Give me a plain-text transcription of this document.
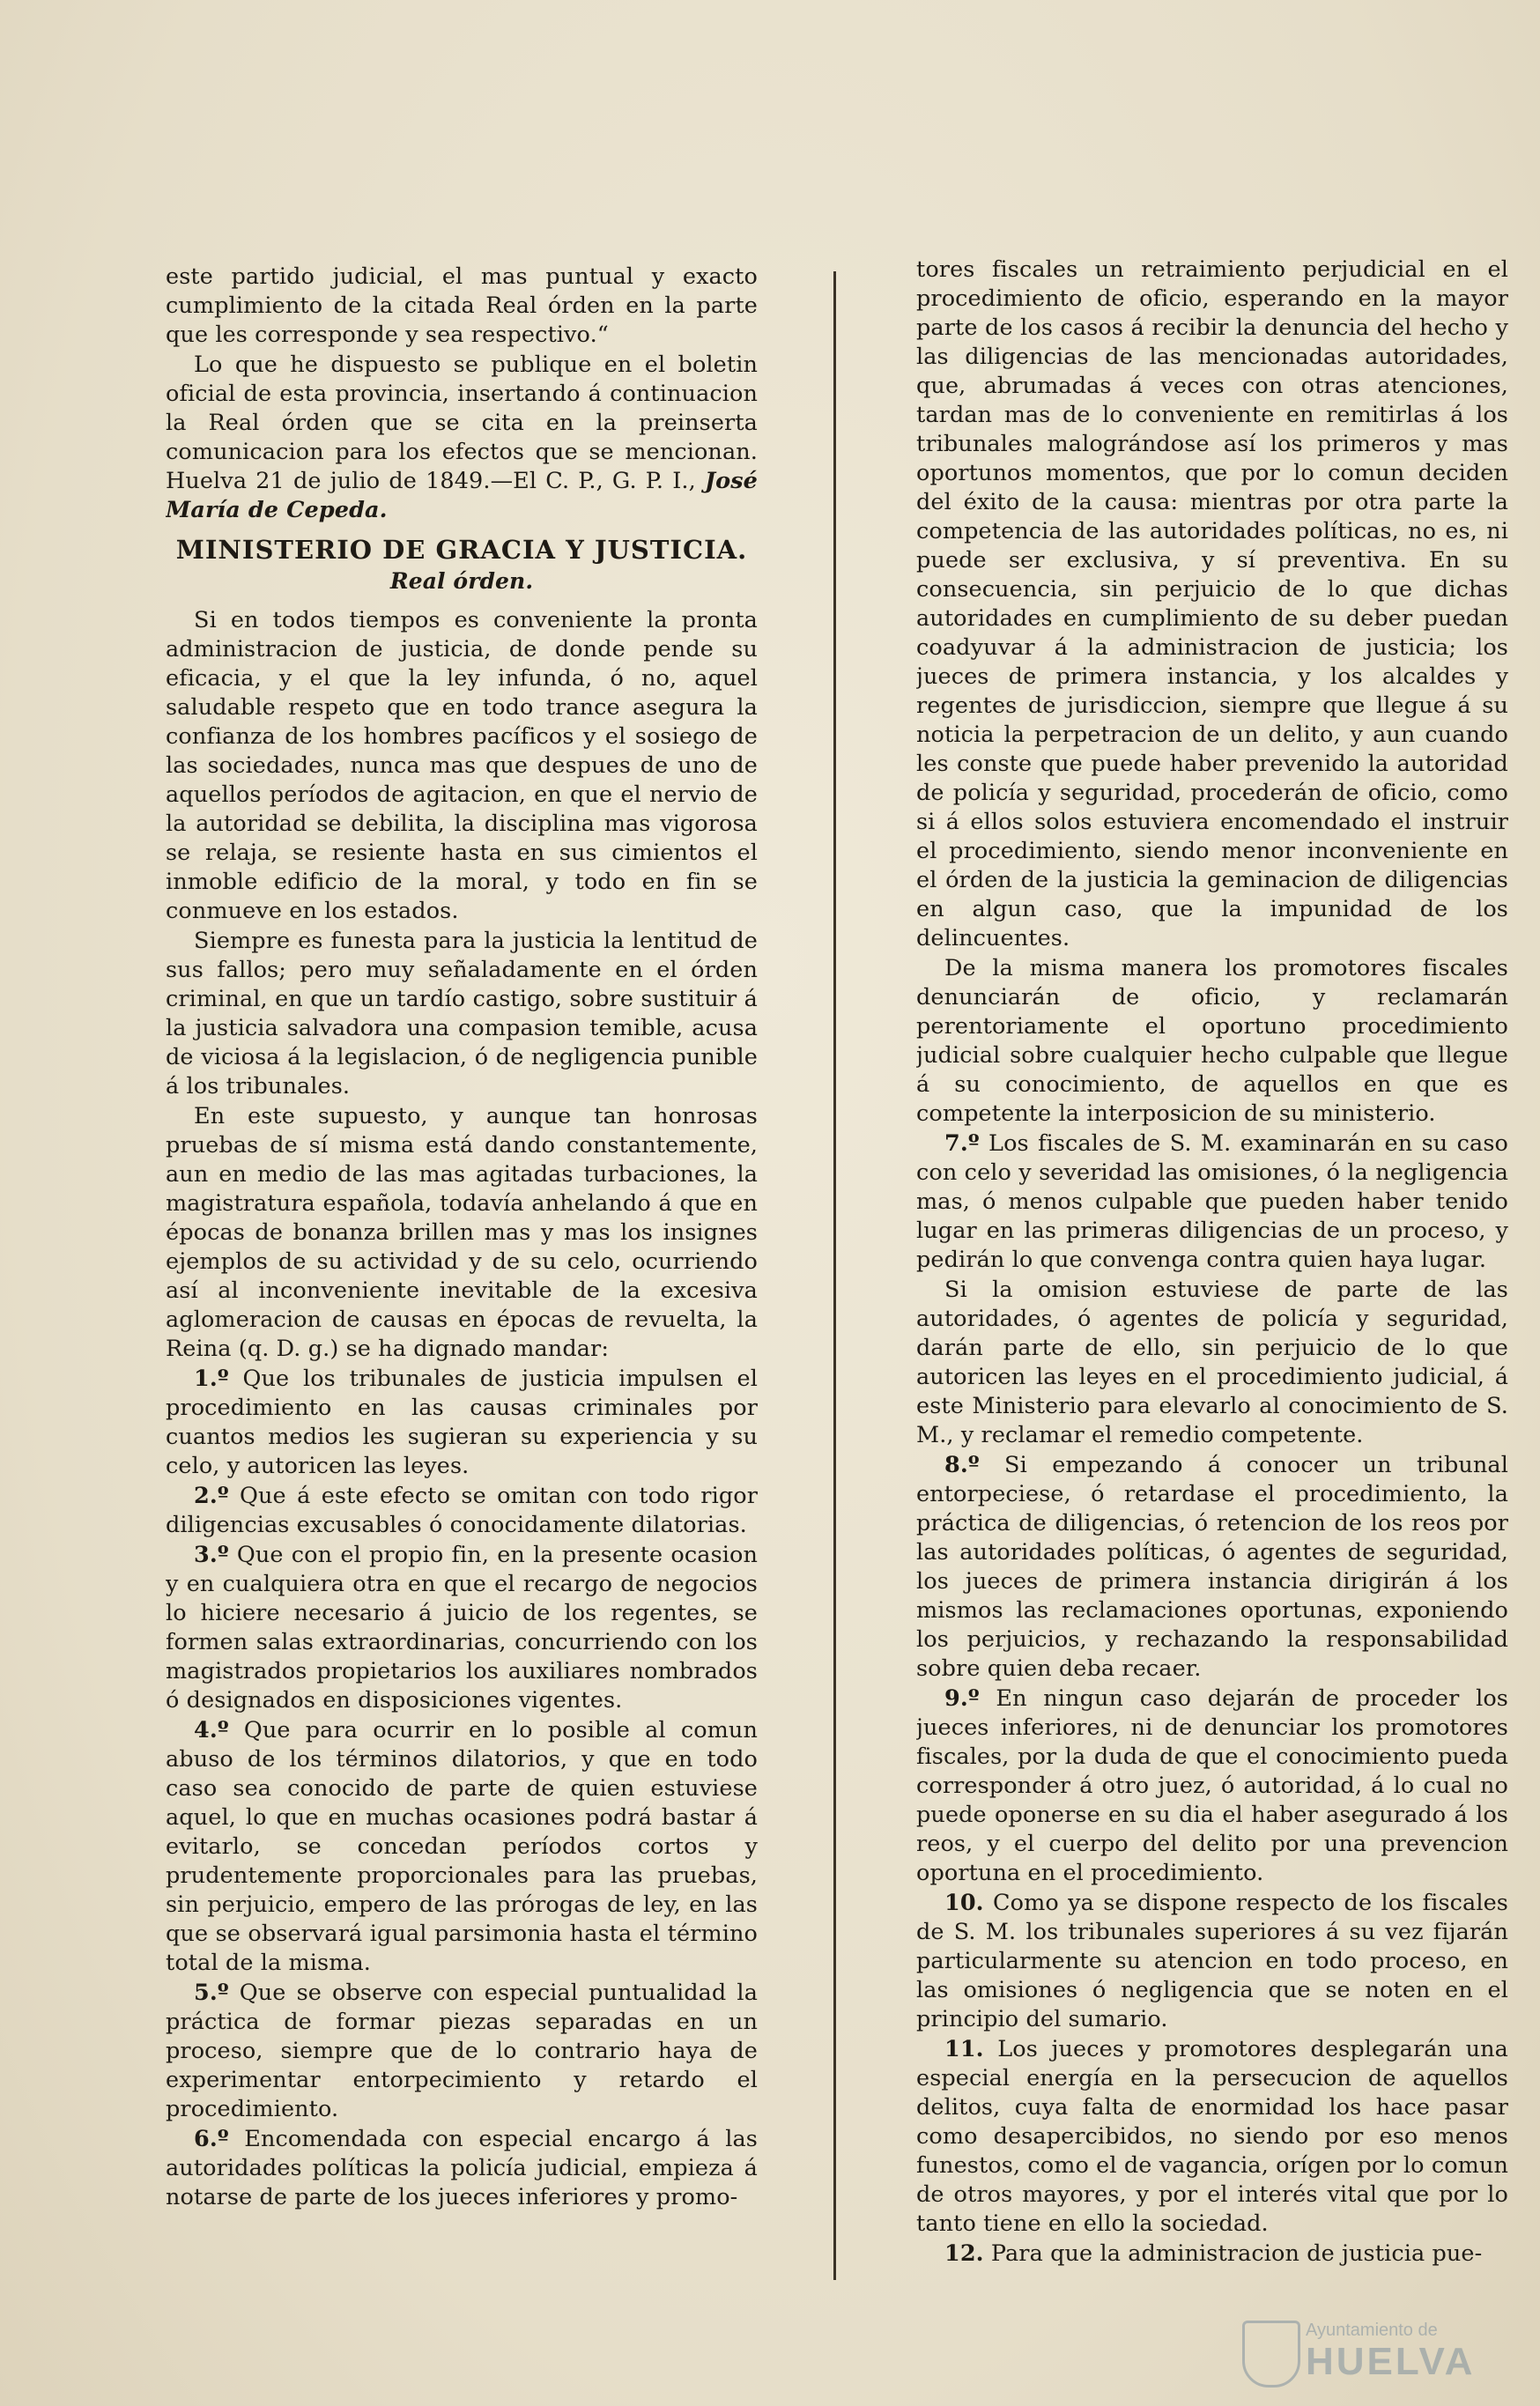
este partido judicial, el mas puntual y exacto cumplimiento de la citada Real órden en la parte que les corresponde y sea respectivo.“

Lo que he dispuesto se publique en el boletin oficial de esta provincia, insertando á continuacion la Real órden que se cita en la preinserta comunicacion para los efectos que se mencionan. Huelva 21 de julio de 1849.—El C. P., G. P. I., José María de Cepeda.

MINISTERIO DE GRACIA Y JUSTICIA.
Real órden.

Si en todos tiempos es conveniente la pronta administracion de justicia, de donde pende su eficacia, y el que la ley infunda, ó no, aquel saludable respeto que en todo trance asegura la confianza de los hombres pacíficos y el sosiego de las sociedades, nunca mas que despues de uno de aquellos períodos de agitacion, en que el nervio de la autoridad se debilita, la disciplina mas vigorosa se relaja, se resiente hasta en sus cimientos el inmoble edificio de la moral, y todo en fin se conmueve en los estados.

Siempre es funesta para la justicia la lentitud de sus fallos; pero muy señaladamente en el órden criminal, en que un tardío castigo, sobre sustituir á la justicia salvadora una compasion temible, acusa de viciosa á la legislacion, ó de negligencia punible á los tribunales.

En este supuesto, y aunque tan honrosas pruebas de sí misma está dando constantemente, aun en medio de las mas agitadas turbaciones, la magistratura española, todavía anhelando á que en épocas de bonanza brillen mas y mas los insignes ejemplos de su actividad y de su celo, ocurriendo así al inconveniente inevitable de la excesiva aglomeracion de causas en épocas de revuelta, la Reina (q. D. g.) se ha dignado mandar:

1.º Que los tribunales de justicia impulsen el procedimiento en las causas criminales por cuantos medios les sugieran su experiencia y su celo, y autoricen las leyes.

2.º Que á este efecto se omitan con todo rigor diligencias excusables ó conocidamente dilatorias.

3.º Que con el propio fin, en la presente ocasion y en cualquiera otra en que el recargo de negocios lo hiciere necesario á juicio de los regentes, se formen salas extraordinarias, concurriendo con los magistrados propietarios los auxiliares nombrados ó designados en disposiciones vigentes.

4.º Que para ocurrir en lo posible al comun abuso de los términos dilatorios, y que en todo caso sea conocido de parte de quien estuviese aquel, lo que en muchas ocasiones podrá bastar á evitarlo, se concedan períodos cortos y prudentemente proporcionales para las pruebas, sin perjuicio, empero de las prórogas de ley, en las que se observará igual parsimonia hasta el término total de la misma.

5.º Que se observe con especial puntualidad la práctica de formar piezas separadas en un proceso, siempre que de lo contrario haya de experimentar entorpecimiento y retardo el procedimiento.

6.º Encomendada con especial encargo á las autoridades políticas la policía judicial, empieza á notarse de parte de los jueces inferiores y promo-

tores fiscales un retraimiento perjudicial en el procedimiento de oficio, esperando en la mayor parte de los casos á recibir la denuncia del hecho y las diligencias de las mencionadas autoridades, que, abrumadas á veces con otras atenciones, tardan mas de lo conveniente en remitirlas á los tribunales malográndose así los primeros y mas oportunos momentos, que por lo comun deciden del éxito de la causa: mientras por otra parte la competencia de las autoridades políticas, no es, ni puede ser exclusiva, y sí preventiva. En su consecuencia, sin perjuicio de lo que dichas autoridades en cumplimiento de su deber puedan coadyuvar á la administracion de justicia; los jueces de primera instancia, y los alcaldes y regentes de jurisdiccion, siempre que llegue á su noticia la perpetracion de un delito, y aun cuando les conste que puede haber prevenido la autoridad de policía y seguridad, procederán de oficio, como si á ellos solos estuviera encomendado el instruir el procedimiento, siendo menor inconveniente en el órden de la justicia la geminacion de diligencias en algun caso, que la impunidad de los delincuentes.

De la misma manera los promotores fiscales denunciarán de oficio, y reclamarán perentoriamente el oportuno procedimiento judicial sobre cualquier hecho culpable que llegue á su conocimiento, de aquellos en que es competente la interposicion de su ministerio.

7.º Los fiscales de S. M. examinarán en su caso con celo y severidad las omisiones, ó la negligencia mas, ó menos culpable que pueden haber tenido lugar en las primeras diligencias de un proceso, y pedirán lo que convenga contra quien haya lugar.

Si la omision estuviese de parte de las autoridades, ó agentes de policía y seguridad, darán parte de ello, sin perjuicio de lo que autoricen las leyes en el procedimiento judicial, á este Ministerio para elevarlo al conocimiento de S. M., y reclamar el remedio competente.

8.º Si empezando á conocer un tribunal entorpeciese, ó retardase el procedimiento, la práctica de diligencias, ó retencion de los reos por las autoridades políticas, ó agentes de seguridad, los jueces de primera instancia dirigirán á los mismos las reclamaciones oportunas, exponiendo los perjuicios, y rechazando la responsabilidad sobre quien deba recaer.

9.º En ningun caso dejarán de proceder los jueces inferiores, ni de denunciar los promotores fiscales, por la duda de que el conocimiento pueda corresponder á otro juez, ó autoridad, á lo cual no puede oponerse en su dia el haber asegurado á los reos, y el cuerpo del delito por una prevencion oportuna en el procedimiento.

10. Como ya se dispone respecto de los fiscales de S. M. los tribunales superiores á su vez fijarán particularmente su atencion en todo proceso, en las omisiones ó negligencia que se noten en el principio del sumario.

11. Los jueces y promotores desplegarán una especial energía en la persecucion de aquellos delitos, cuya falta de enormidad los hace pasar como desapercibidos, no siendo por eso menos funestos, como el de vagancia, orígen por lo comun de otros mayores, y por el interés vital que por lo tanto tiene en ello la sociedad.

12. Para que la administracion de justicia pue-

Ayuntamiento de
HUELVA
